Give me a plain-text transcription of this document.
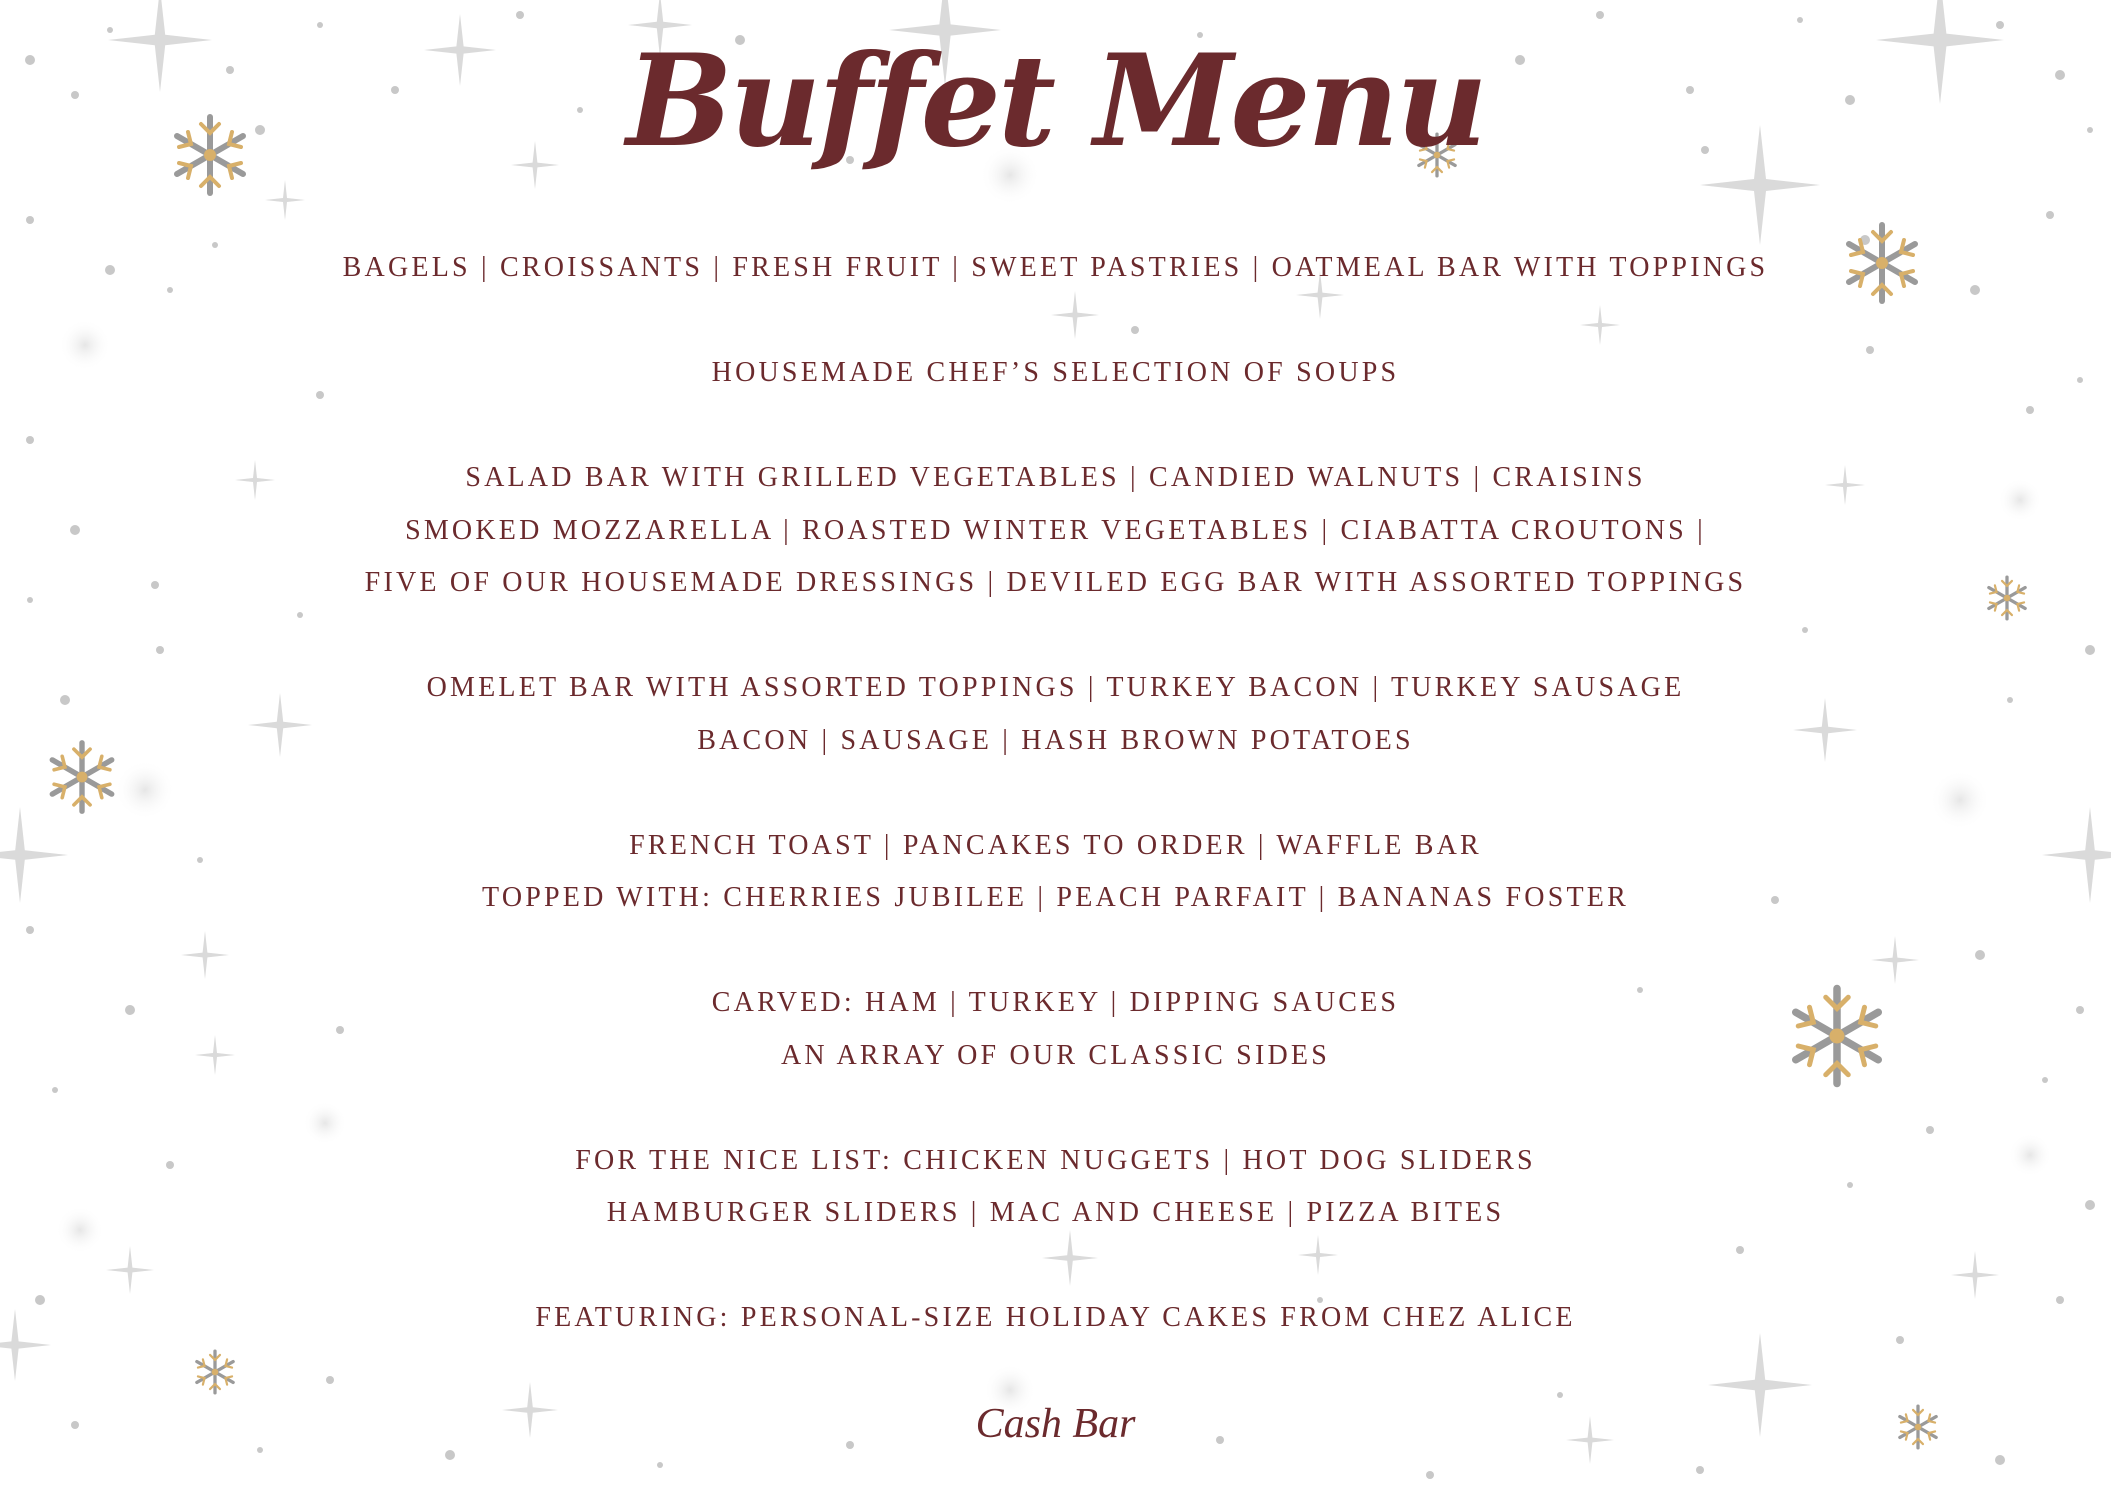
Buffet Menu
BAGELS | CROISSANTS | FRESH FRUIT | SWEET PASTRIES | OATMEAL BAR WITH TOPPINGS
HOUSEMADE CHEF’S SELECTION OF SOUPS
SALAD BAR WITH GRILLED VEGETABLES | CANDIED WALNUTS | CRAISINS
SMOKED MOZZARELLA | ROASTED WINTER VEGETABLES | CIABATTA CROUTONS |
FIVE OF OUR HOUSEMADE DRESSINGS | DEVILED EGG BAR WITH ASSORTED TOPPINGS
OMELET BAR WITH ASSORTED TOPPINGS | TURKEY BACON | TURKEY SAUSAGE
BACON | SAUSAGE | HASH BROWN POTATOES
FRENCH TOAST | PANCAKES TO ORDER | WAFFLE BAR
TOPPED WITH: CHERRIES JUBILEE | PEACH PARFAIT | BANANAS FOSTER
CARVED: HAM | TURKEY | DIPPING SAUCES
AN ARRAY OF OUR CLASSIC SIDES
FOR THE NICE LIST: CHICKEN NUGGETS | HOT DOG SLIDERS
HAMBURGER SLIDERS | MAC AND CHEESE | PIZZA BITES
FEATURING: PERSONAL-SIZE HOLIDAY CAKES FROM CHEZ ALICE
Cash Bar
